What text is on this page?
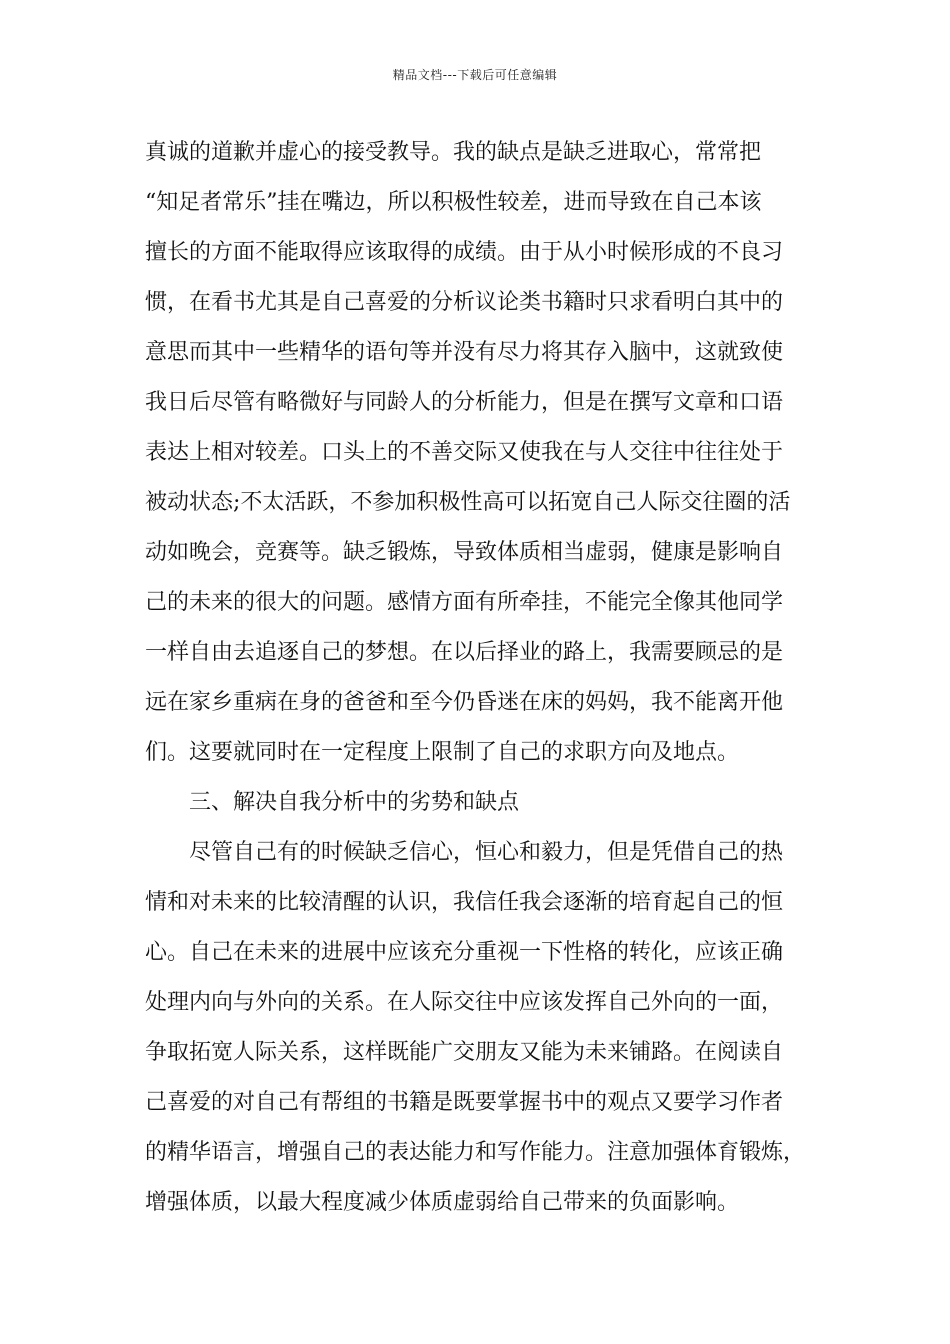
精品文档---下载后可任意编辑
真诚的道歉并虚心的接受教导。我的缺点是缺乏进取心，常常把
“知足者常乐”挂在嘴边，所以积极性较差，进而导致在自己本该
擅长的方面不能取得应该取得的成绩。由于从小时候形成的不良习
惯，在看书尤其是自己喜爱的分析议论类书籍时只求看明白其中的
意思而其中一些精华的语句等并没有尽力将其存入脑中，这就致使
我日后尽管有略微好与同龄人的分析能力，但是在撰写文章和口语
表达上相对较差。口头上的不善交际又使我在与人交往中往往处于
被动状态;不太活跃，不参加积极性高可以拓宽自己人际交往圈的活
动如晚会，竞赛等。缺乏锻炼，导致体质相当虚弱，健康是影响自
己的未来的很大的问题。感情方面有所牵挂，不能完全像其他同学
一样自由去追逐自己的梦想。在以后择业的路上，我需要顾忌的是
远在家乡重病在身的爸爸和至今仍昏迷在床的妈妈，我不能离开他
们。这要就同时在一定程度上限制了自己的求职方向及地点。
三、解决自我分析中的劣势和缺点
尽管自己有的时候缺乏信心，恒心和毅力，但是凭借自己的热
情和对未来的比较清醒的认识，我信任我会逐渐的培育起自己的恒
心。自己在未来的进展中应该充分重视一下性格的转化，应该正确
处理内向与外向的关系。在人际交往中应该发挥自己外向的一面，
争取拓宽人际关系，这样既能广交朋友又能为未来铺路。在阅读自
己喜爱的对自己有帮组的书籍是既要掌握书中的观点又要学习作者
的精华语言，增强自己的表达能力和写作能力。注意加强体育锻炼，
增强体质，以最大程度减少体质虚弱给自己带来的负面影响。
